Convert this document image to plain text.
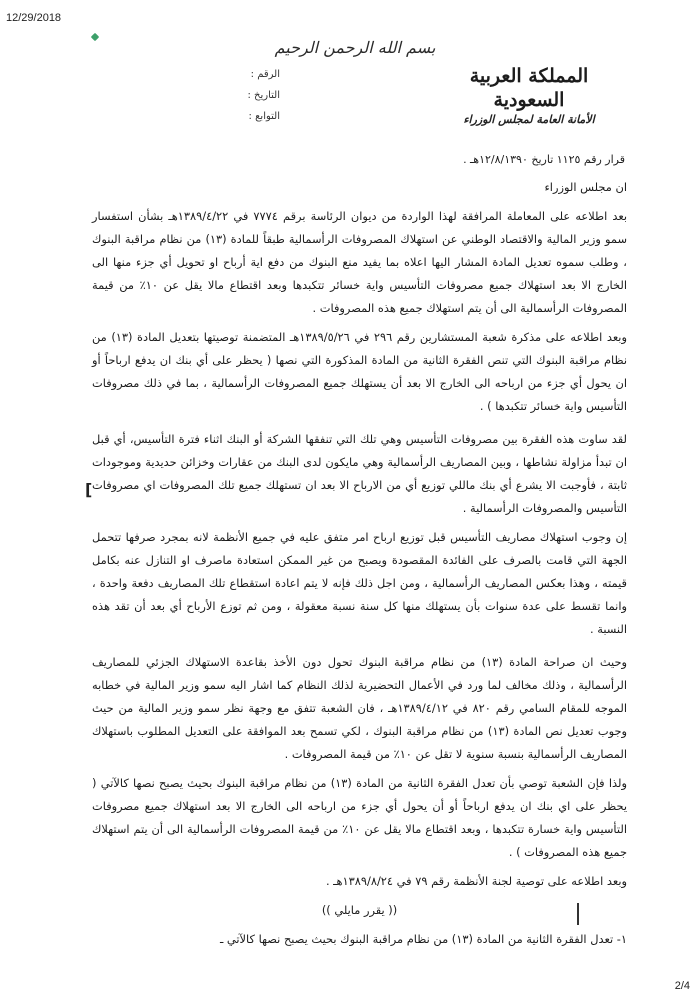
12/29/2018
بسم الله الرحمن الرحيم
المملكة العربية السعودية
الأمانة العامة لمجلس الوزراء
الرقم :
التاريخ :
التوابع :
قرار رقم ١١٢٥ تاريخ ١٢/٨/١٣٩٠هـ .

ان مجلس الوزراء

بعد اطلاعه على المعاملة المرافقة لهذا الواردة من ديوان الرئاسة برقم ٧٧٧٤ في ١٣٨٩/٤/٢٢هـ بشأن استفسار سمو وزير المالية والاقتصاد الوطني عن استهلاك المصروفات الرأسمالية طبقاً للمادة (١٣) من نظام مراقبة البنوك ، وطلب سموه تعديل المادة المشار اليها اعلاه بما يفيد منع البنوك من دفع اية أرباح او تحويل أي جزء منها الى الخارج الا بعد استهلاك جميع مصروفات التأسيس واية خسائر تتكبدها وبعد اقتطاع مالا يقل عن ١٠٪ من قيمة المصروفات الرأسمالية الى أن يتم استهلاك جميع هذه المصروفات .

وبعد اطلاعه على مذكرة شعبة المستشارين رقم ٢٩٦ في ١٣٨٩/٥/٢٦هـ المتضمنة توصيتها بتعديل المادة (١٣) من نظام مراقبة البنوك التي تنص الفقرة الثانية من المادة المذكورة التي نصها ( يحظر على أي بنك ان يدفع ارباحاً أو ان يحول أي جزء من ارباحه الى الخارج الا بعد أن يستهلك جميع المصروفات الرأسمالية ، بما في ذلك مصروفات التأسيس واية خسائر تتكبدها ) .

لقد ساوت هذه الفقرة بين مصروفات التأسيس وهي تلك التي تنفقها الشركة أو البنك اثناء فترة التأسيس، أي قبل ان تبدأ مزاولة نشاطها ، وبين المصاريف الرأسمالية وهي مايكون لدى البنك من عقارات وخزائن حديدية وموجودات ثابتة ، فأوجبت الا يشرع أي بنك ماللي توزيع أي من الارباح الا بعد ان تستهلك جميع تلك المصروفات اي مصروفات التأسيس والمصروفات الرأسمالية .

إن وجوب استهلاك مصاريف التأسيس قبل توزيع ارباح امر متفق عليه في جميع الأنظمة لانه بمجرد صرفها تتحمل الجهة التي قامت بالصرف على الفائدة المقصودة ويصبح من غير الممكن استعادة ماصرف او التنازل عنه بكامل قيمته ، وهذا بعكس المصاريف الرأسمالية ، ومن اجل ذلك فإنه لا يتم اعادة استقطاع تلك المصاريف دفعة واحدة ، وانما تقسط على عدة سنوات بأن يستهلك منها كل سنة نسبة معقولة ، ومن ثم توزع الأرباح أي بعد أن تقد هذه النسبة .

وحيث ان صراحة المادة (١٣) من نظام مراقبة البنوك تحول دون الأخذ بقاعدة الاستهلاك الجزئي للمصاريف الرأسمالية ، وذلك مخالف لما ورد في الأعمال التحضيرية لذلك النظام كما اشار اليه سمو وزير المالية في خطابه الموجه للمقام السامي رقم ٨٢٠ في ١٣٨٩/٤/١٢هـ ، فان الشعبة تتفق مع وجهة نظر سمو وزير المالية من حيث وجوب تعديل نص المادة (١٣) من نظام مراقبة البنوك ، لكي تسمح بعد الموافقة على التعديل المطلوب باستهلاك المصاريف الرأسمالية بنسبة سنوية لا تقل عن ١٠٪ من قيمة المصروفات .

ولذا فإن الشعبة توصي بأن تعدل الفقرة الثانية من المادة (١٣) من نظام مراقبة البنوك بحيث يصبح نصها كالآتي ( يحظر على اي بنك ان يدفع ارباحاً أو أن يحول أي جزء من ارباحه الى الخارج الا بعد استهلاك جميع مصروفات التأسيس واية خسارة تتكبدها ، وبعد اقتطاع مالا يقل عن ١٠٪ من قيمة المصروفات الرأسمالية الى أن يتم استهلاك جميع هذه المصروفات ) .

وبعد اطلاعه على توصية لجنة الأنظمة رقم ٧٩ في ١٣٨٩/٨/٢٤هـ .

(( يقرر مايلي ))

١- تعدل الفقرة الثانية من المادة (١٣) من نظام مراقبة البنوك بحيث يصبح نصها كالآتي ـ

[
2/4
